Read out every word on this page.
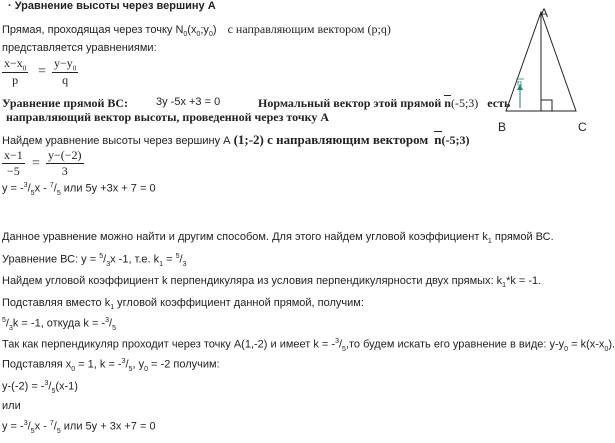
· Уравнение высоты через вершину А
Прямая, проходящая через точку $N_0(x_0;y_0)$ с направляющим вектором (p;q)
представляется уравнениями:
$\frac{x-x_0}{p} = \frac{y-y_0}{q}$
Уравнение прямой ВС:	3y -5x +3 = 0	Нормальный вектор этой прямой n(-5;3) есть
направляющий вектор высоты, проведенной через точку А
Найдем уравнение высоты через вершину А (1;-2) с направляющим вектором n(-5;3)
$\frac{x-1}{-5} = \frac{y-(-2)}{3}$
$y = -^3/_5x - ^7/_5$ или 5y +3x + 7 = 0
Данное уравнение можно найти и другим способом. Для этого найдем угловой коэффициент $k_1$ прямой ВС.
Уравнение ВС: $y = ^5/_3x$ -1, т.е. $k_1 = ^5/_3$
Найдем угловой коэффициент k перпендикуляра из условия перпендикулярности двух прямых: $k_1*k = -1$.
Подставляя вместо $k_1$ угловой коэффициент данной прямой, получим:
$^5/_3k = -1$, откуда $k = -^3/_5$
Так как перпендикуляр проходит через точку А(1,-2) и имеет $k = -^3/_5,то$ будем искать его уравнение в виде: $y-y_0 = k(x-x_0)$.
Подставляя $x_0 = 1$, $k = -^3/_5$, $y_0 = -2$ получим:
$y-(-2) = -^3/_5(x-1)$
или
$y = -^3/_5x - ^7/_5$ или 5y + 3x +7 = 0
n
A
B	C
